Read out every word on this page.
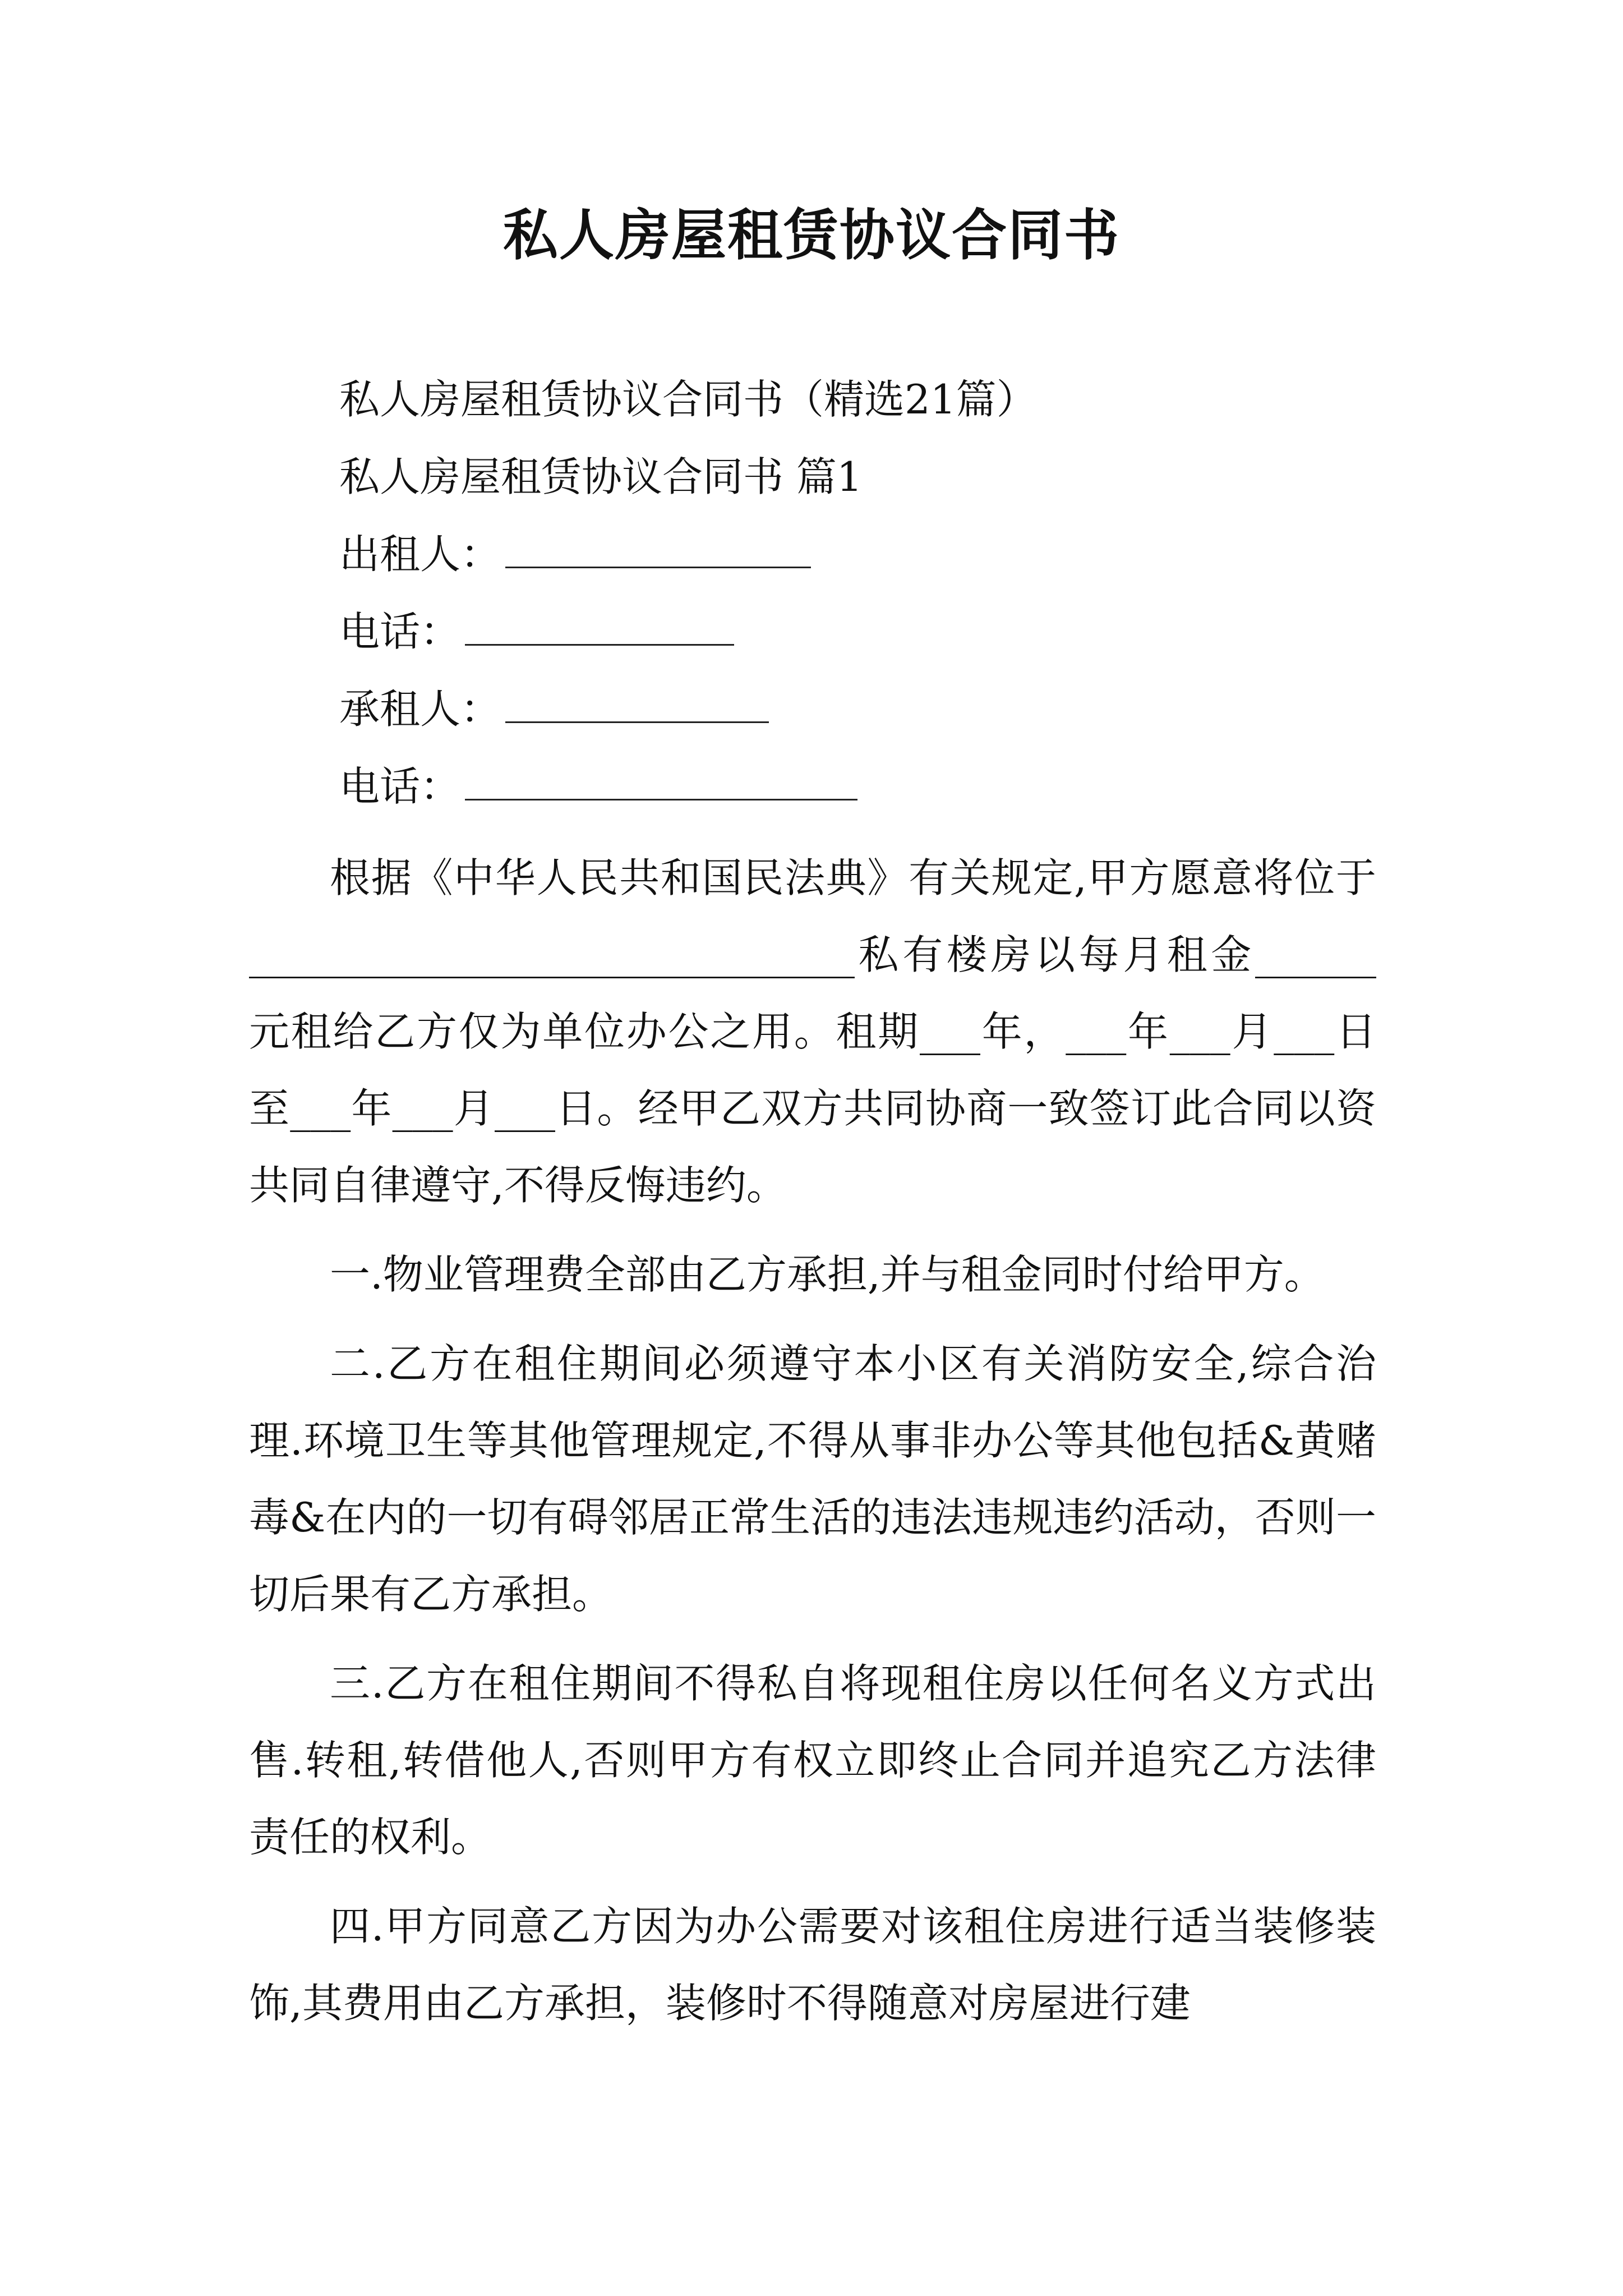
私人房屋租赁协议合同书
私人房屋租赁协议合同书（精选21篇）
私人房屋租赁协议合同书 篇1
出租人：
电话：
承租人：
电话：

根据《中华人民共和国民法典》有关规定,甲方愿意将位于______________________________私有楼房以每月租金______元租给乙方仅为单位办公之用。租期___年，___年___月___日至___年___月___日。经甲乙双方共同协商一致签订此合同以资共同自律遵守,不得反悔违约。

一.物业管理费全部由乙方承担,并与租金同时付给甲方。

二.乙方在租住期间必须遵守本小区有关消防安全,综合治理.环境卫生等其他管理规定,不得从事非办公等其他包括&黄赌毒&在内的一切有碍邻居正常生活的违法违规违约活动，否则一切后果有乙方承担。

三.乙方在租住期间不得私自将现租住房以任何名义方式出售.转租,转借他人,否则甲方有权立即终止合同并追究乙方法律责任的权利。

四.甲方同意乙方因为办公需要对该租住房进行适当装修装饰,其费用由乙方承担，装修时不得随意对房屋进行建
